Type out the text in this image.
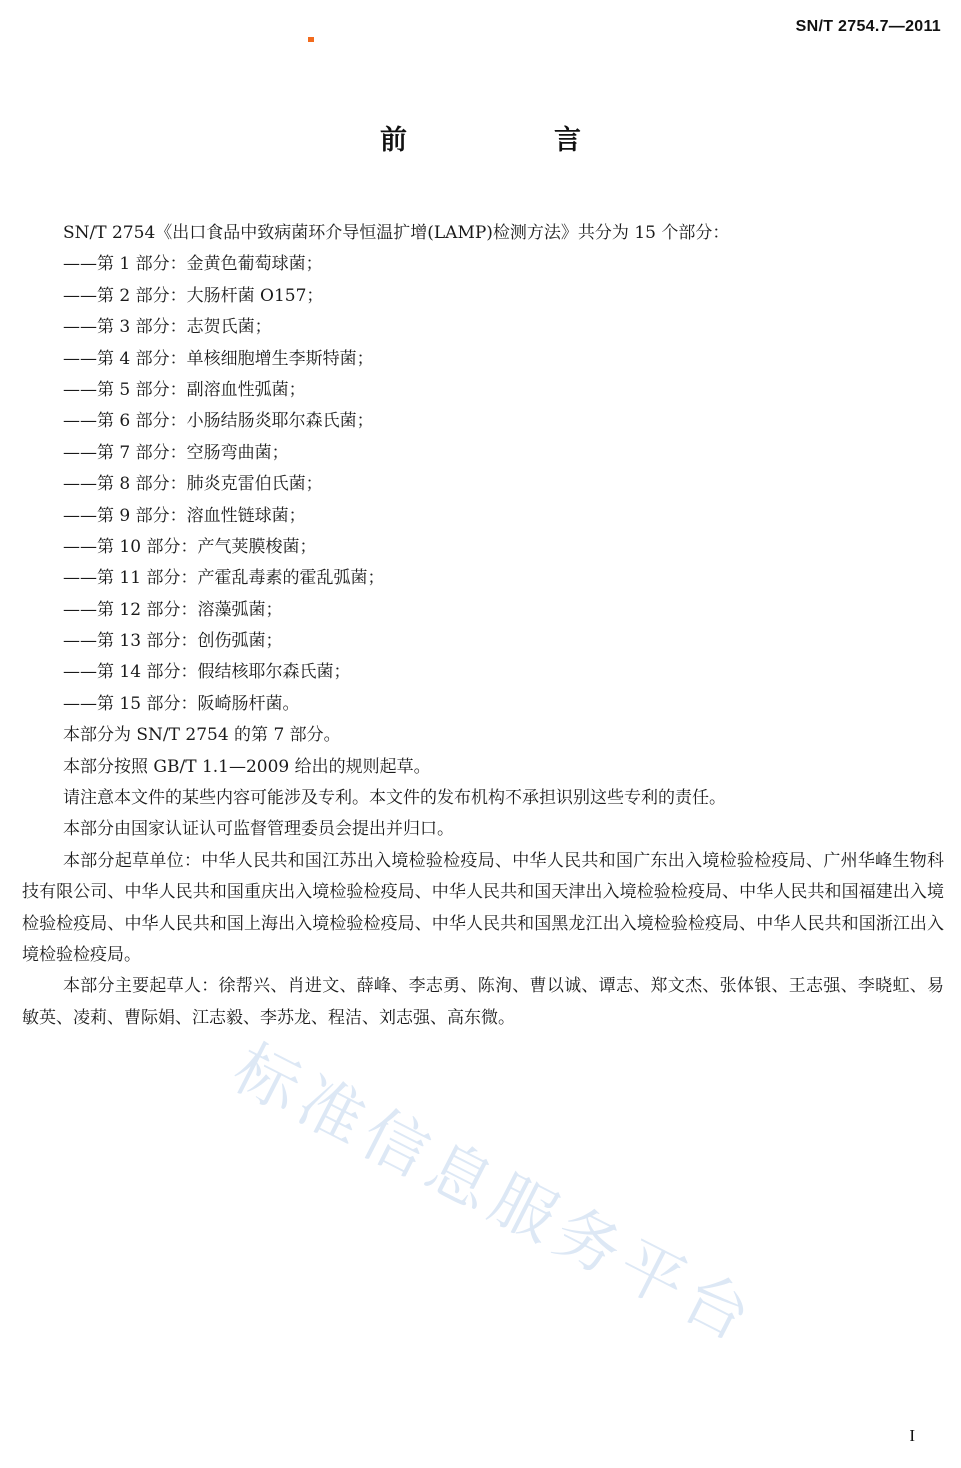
SN/T 2754.7—2011
前　言
SN/T 2754《出口食品中致病菌环介导恒温扩增(LAMP)检测方法》共分为 15 个部分：
——第 1 部分：金黄色葡萄球菌；
——第 2 部分：大肠杆菌 O157；
——第 3 部分：志贺氏菌；
——第 4 部分：单核细胞增生李斯特菌；
——第 5 部分：副溶血性弧菌；
——第 6 部分：小肠结肠炎耶尔森氏菌；
——第 7 部分：空肠弯曲菌；
——第 8 部分：肺炎克雷伯氏菌；
——第 9 部分：溶血性链球菌；
——第 10 部分：产气荚膜梭菌；
——第 11 部分：产霍乱毒素的霍乱弧菌；
——第 12 部分：溶藻弧菌；
——第 13 部分：创伤弧菌；
——第 14 部分：假结核耶尔森氏菌；
——第 15 部分：阪崎肠杆菌。
本部分为 SN/T 2754 的第 7 部分。
本部分按照 GB/T 1.1—2009 给出的规则起草。
请注意本文件的某些内容可能涉及专利。本文件的发布机构不承担识别这些专利的责任。
本部分由国家认证认可监督管理委员会提出并归口。
本部分起草单位：中华人民共和国江苏出入境检验检疫局、中华人民共和国广东出入境检验检疫局、广州华峰生物科技有限公司、中华人民共和国重庆出入境检验检疫局、中华人民共和国天津出入境检验检疫局、中华人民共和国福建出入境检验检疫局、中华人民共和国上海出入境检验检疫局、中华人民共和国黑龙江出入境检验检疫局、中华人民共和国浙江出入境检验检疫局。
本部分主要起草人：徐帮兴、肖进文、薛峰、李志勇、陈洵、曹以诚、谭志、郑文杰、张体银、王志强、李晓虹、易敏英、凌莉、曹际娟、江志毅、李苏龙、程洁、刘志强、高东微。
标准信息服务平台
I
